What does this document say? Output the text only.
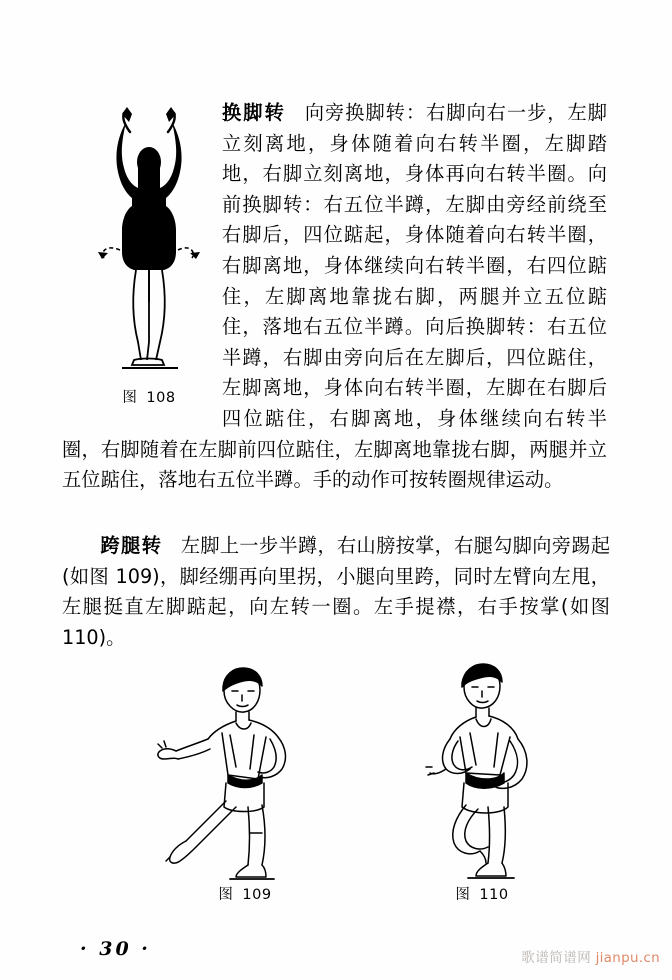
图 108

换脚转 向旁换脚转：右脚向右一步，左脚立刻离地，身体随着向右转半圈，左脚踏地，右脚立刻离地，身体再向右转半圈。向前换脚转：右五位半蹲，左脚由旁经前绕至右脚后，四位踮起，身体随着向右转半圈，右脚离地，身体继续向右转半圈，右四位踮住，左脚离地靠拢右脚，两腿并立五位踮住，落地右五位半蹲。向后换脚转：右五位半蹲，右脚由旁向后在左脚后，四位踮住，左脚离地，身体向右转半圈，左脚在右脚后四位踮住，右脚离地，身体继续向右转半圈，右脚随着在左脚前四位踮住，左脚离地靠拢右脚，两腿并立五位踮住，落地右五位半蹲。手的动作可按转圈规律运动。

跨腿转 左脚上一步半蹲，右山膀按掌，右腿勾脚向旁踢起(如图 109)，脚经绷再向里拐，小腿向里跨，同时左臂向左甩，左腿挺直左脚踮起，向左转一圈。左手提襟，右手按掌(如图 110)。

图 109	图 110
· 30 ·	歌谱简谱网 jianpu.cn
